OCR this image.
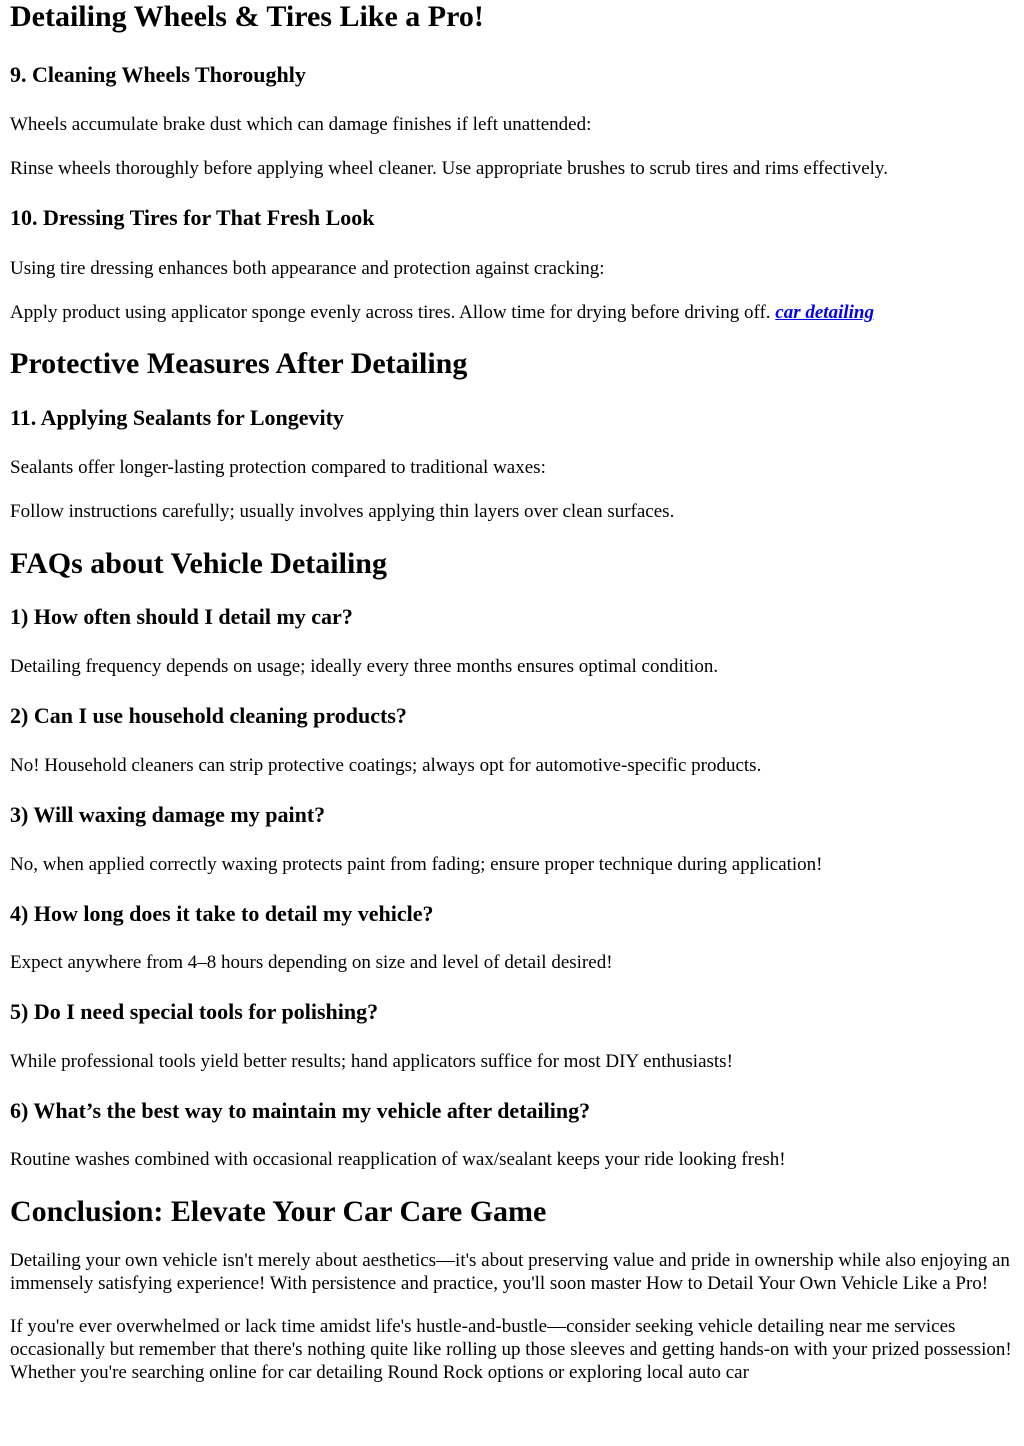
Detailing Wheels & Tires Like a Pro!
9. Cleaning Wheels Thoroughly

Wheels accumulate brake dust which can damage finishes if left unattended:

Rinse wheels thoroughly before applying wheel cleaner. Use appropriate brushes to scrub tires and rims effectively.

10. Dressing Tires for That Fresh Look

Using tire dressing enhances both appearance and protection against cracking:

Apply product using applicator sponge evenly across tires. Allow time for drying before driving off. car detailing

Protective Measures After Detailing
11. Applying Sealants for Longevity

Sealants offer longer-lasting protection compared to traditional waxes:

Follow instructions carefully; usually involves applying thin layers over clean surfaces.

FAQs about Vehicle Detailing
1) How often should I detail my car?

Detailing frequency depends on usage; ideally every three months ensures optimal condition.

2) Can I use household cleaning products?

No! Household cleaners can strip protective coatings; always opt for automotive-specific products.

3) Will waxing damage my paint?

No, when applied correctly waxing protects paint from fading; ensure proper technique during application!

4) How long does it take to detail my vehicle?

Expect anywhere from 4–8 hours depending on size and level of detail desired!

5) Do I need special tools for polishing?

While professional tools yield better results; hand applicators suffice for most DIY enthusiasts!

6) What’s the best way to maintain my vehicle after detailing?

Routine washes combined with occasional reapplication of wax/sealant keeps your ride looking fresh!

Conclusion: Elevate Your Car Care Game

Detailing your own vehicle isn't merely about aesthetics—it's about preserving value and pride in ownership while also enjoying an immensely satisfying experience! With persistence and practice, you'll soon master How to Detail Your Own Vehicle Like a Pro!

If you're ever overwhelmed or lack time amidst life's hustle-and-bustle—consider seeking vehicle detailing near me services occasionally but remember that there's nothing quite like rolling up those sleeves and getting hands-on with your prized possession! Whether you're searching online for car detailing Round Rock options or exploring local auto car
